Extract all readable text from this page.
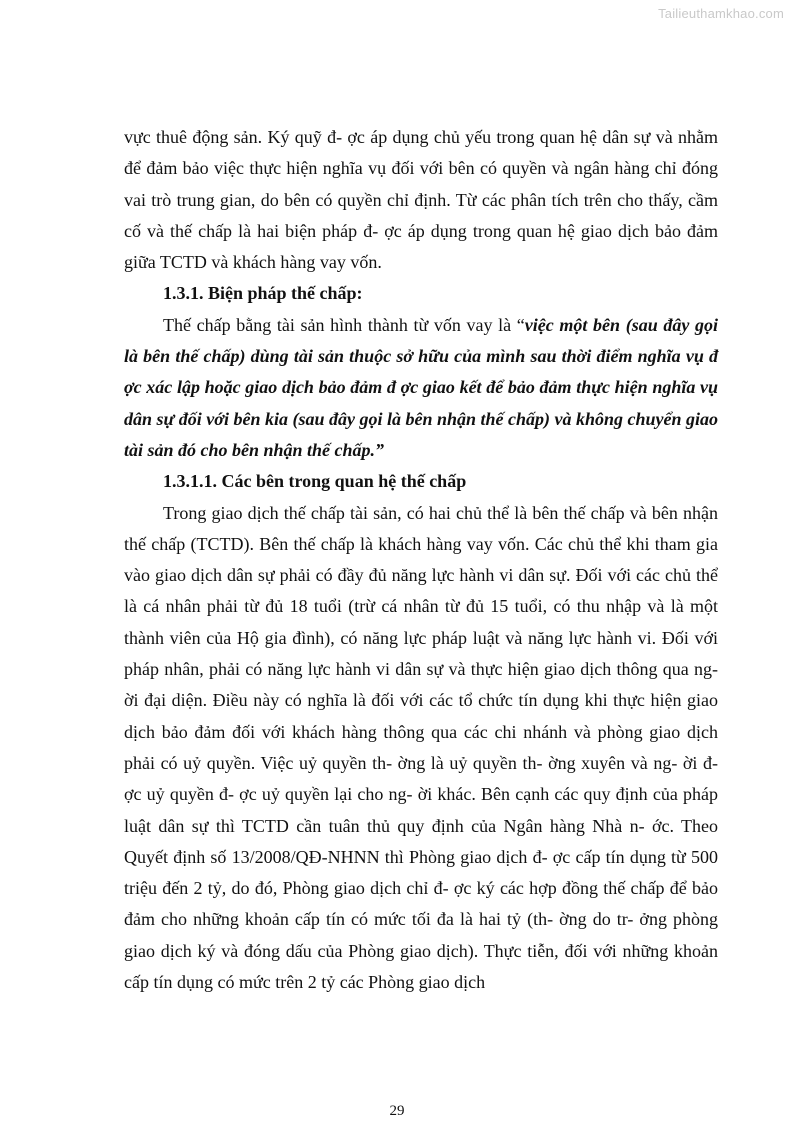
Tailieuthamkhao.com

vực thuê động sản. Ký quỹ đ- ợc áp dụng chủ yếu trong quan hệ dân sự và nhằm để đảm bảo việc thực hiện nghĩa vụ đối với bên có quyền và ngân hàng chỉ đóng vai trò trung gian, do bên có quyền chỉ định. Từ các phân tích trên cho thấy, cầm cố và thế chấp là hai biện pháp đ- ợc áp dụng trong quan hệ giao dịch bảo đảm giữa TCTD và khách hàng vay vốn.

1.3.1. Biện pháp thế chấp:

Thế chấp bằng tài sản hình thành từ vốn vay là “việc một bên (sau đây gọi là bên thế chấp) dùng tài sản thuộc sở hữu của mình sau thời điểm nghĩa vụ đ ợc xác lập hoặc giao dịch bảo đảm đ ợc giao kết để bảo đảm thực hiện nghĩa vụ dân sự đối với bên kia (sau đây gọi là bên nhận thế chấp) và không chuyển giao tài sản đó cho bên nhận thế chấp.”

1.3.1.1. Các bên trong quan hệ thế chấp

Trong giao dịch thế chấp tài sản, có hai chủ thể là bên thế chấp và bên nhận thế chấp (TCTD). Bên thế chấp là khách hàng vay vốn. Các chủ thể khi tham gia vào giao dịch dân sự phải có đầy đủ năng lực hành vi dân sự. Đối với các chủ thể là cá nhân phải từ đủ 18 tuổi (trừ cá nhân từ đủ 15 tuổi, có thu nhập và là một thành viên của Hộ gia đình), có năng lực pháp luật và năng lực hành vi. Đối với pháp nhân, phải có năng lực hành vi dân sự và thực hiện giao dịch thông qua ng- ời đại diện. Điều này có nghĩa là đối với các tổ chức tín dụng khi thực hiện giao dịch bảo đảm đối với khách hàng thông qua các chi nhánh và phòng giao dịch phải có uỷ quyền. Việc uỷ quyền th- ờng là uỷ quyền th- ờng xuyên và ng- ời đ- ợc uỷ quyền đ- ợc uỷ quyền lại cho ng- ời khác. Bên cạnh các quy định của pháp luật dân sự thì TCTD cần tuân thủ quy định của Ngân hàng Nhà n- ớc. Theo Quyết định số 13/2008/QĐ-NHNN thì Phòng giao dịch đ- ợc cấp tín dụng từ 500 triệu đến 2 tỷ, do đó, Phòng giao dịch chỉ đ- ợc ký các hợp đồng thế chấp để bảo đảm cho những khoản cấp tín có mức tối đa là hai tỷ (th- ờng do tr- ởng phòng giao dịch ký và đóng dấu của Phòng giao dịch). Thực tiễn, đối với những khoản cấp tín dụng có mức trên 2 tỷ các Phòng giao dịch

29
